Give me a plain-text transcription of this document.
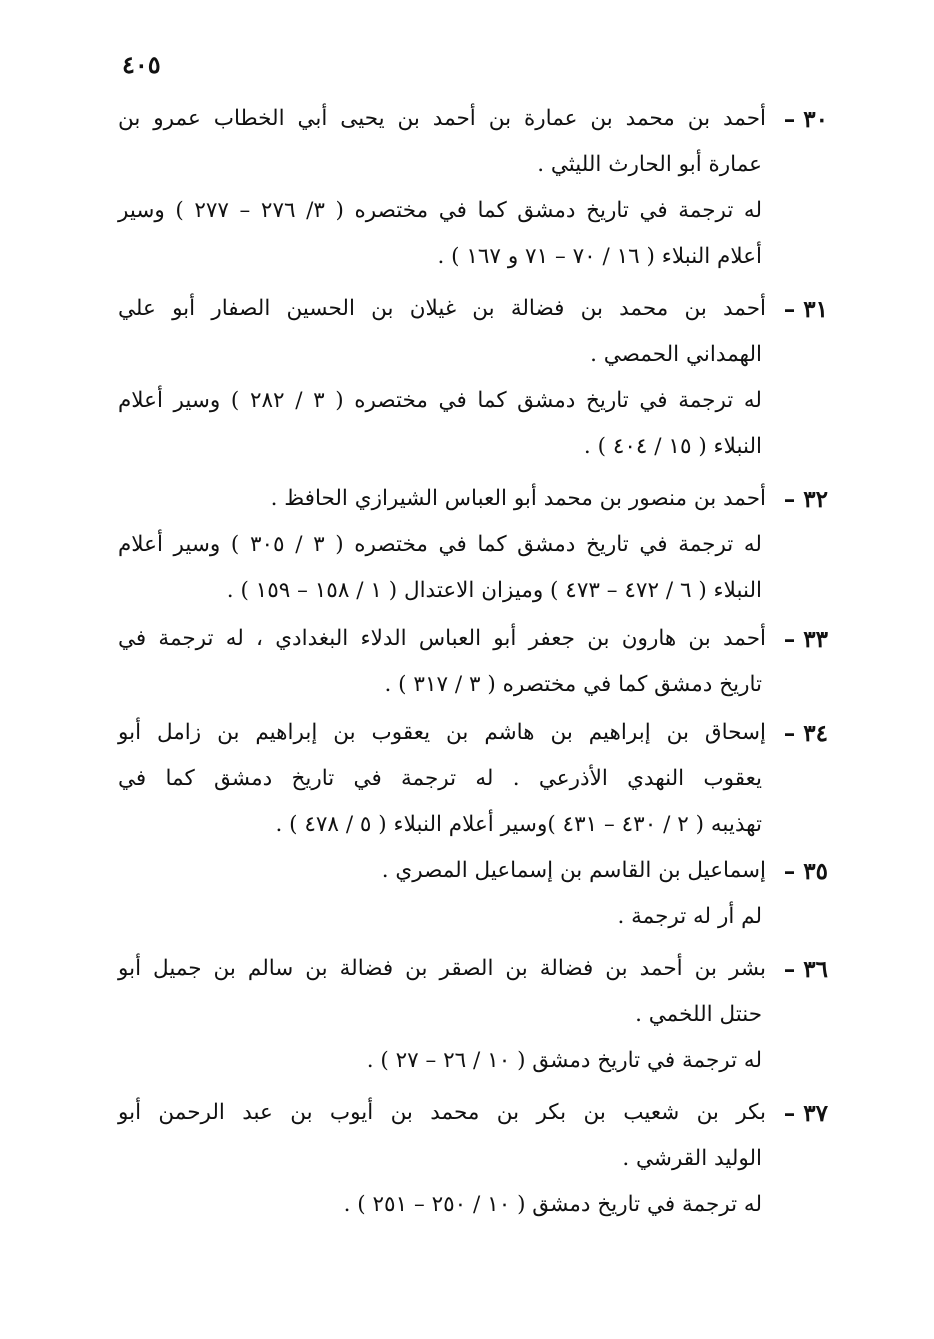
٤٠٥
٣٠ –
أحمد بن محمد بن عمارة بن أحمد بن يحيى أبي الخطاب عمرو بن
عمارة أبو الحارث الليثي .
له ترجمة في تاريخ دمشق كما في مختصره ( ٣/ ٢٧٦ – ٢٧٧ ) وسير
أعلام النبلاء ( ١٦ / ٧٠ – ٧١ و ١٦٧ ) .
٣١ –
أحمد بن محمد بن فضالة بن غيلان بن الحسين الصفار أبو علي
الهمداني الحمصي .
له ترجمة في تاريخ دمشق كما في مختصره ( ٣ / ٢٨٢ ) وسير أعلام
النبلاء ( ١٥ / ٤٠٤ ) .
٣٢ –
أحمد بن منصور بن محمد أبو العباس الشيرازي الحافظ .
له ترجمة في تاريخ دمشق كما في مختصره ( ٣ / ٣٠٥ ) وسير أعلام
النبلاء ( ٦ / ٤٧٢ – ٤٧٣ ) وميزان الاعتدال ( ١ / ١٥٨ – ١٥٩ ) .
٣٣ –
أحمد بن هارون بن جعفر أبو العباس الدلاء البغدادي ، له ترجمة في
تاريخ دمشق كما في مختصره ( ٣ / ٣١٧ ) .
٣٤ –
إسحاق بن إبراهيم بن هاشم بن يعقوب بن إبراهيم بن زامل أبو
يعقوب النهدي الأذرعي . له ترجمة في تاريخ دمشق كما في
تهذيبه ( ٢ / ٤٣٠ – ٤٣١ )وسير أعلام النبلاء ( ٥ / ٤٧٨ ) .
٣٥ –
إسماعيل بن القاسم بن إسماعيل المصري .
لم أر له ترجمة .
٣٦ –
بشر بن أحمد بن فضالة بن الصقر بن فضالة بن سالم بن جميل أبو
حنتل اللخمي .
له ترجمة في تاريخ دمشق ( ١٠ / ٢٦ – ٢٧ ) .
٣٧ –
بكر بن شعيب بن بكر بن محمد بن أيوب بن عبد الرحمن أبو
الوليد القرشي .
له ترجمة في تاريخ دمشق ( ١٠ / ٢٥٠ – ٢٥١ ) .
